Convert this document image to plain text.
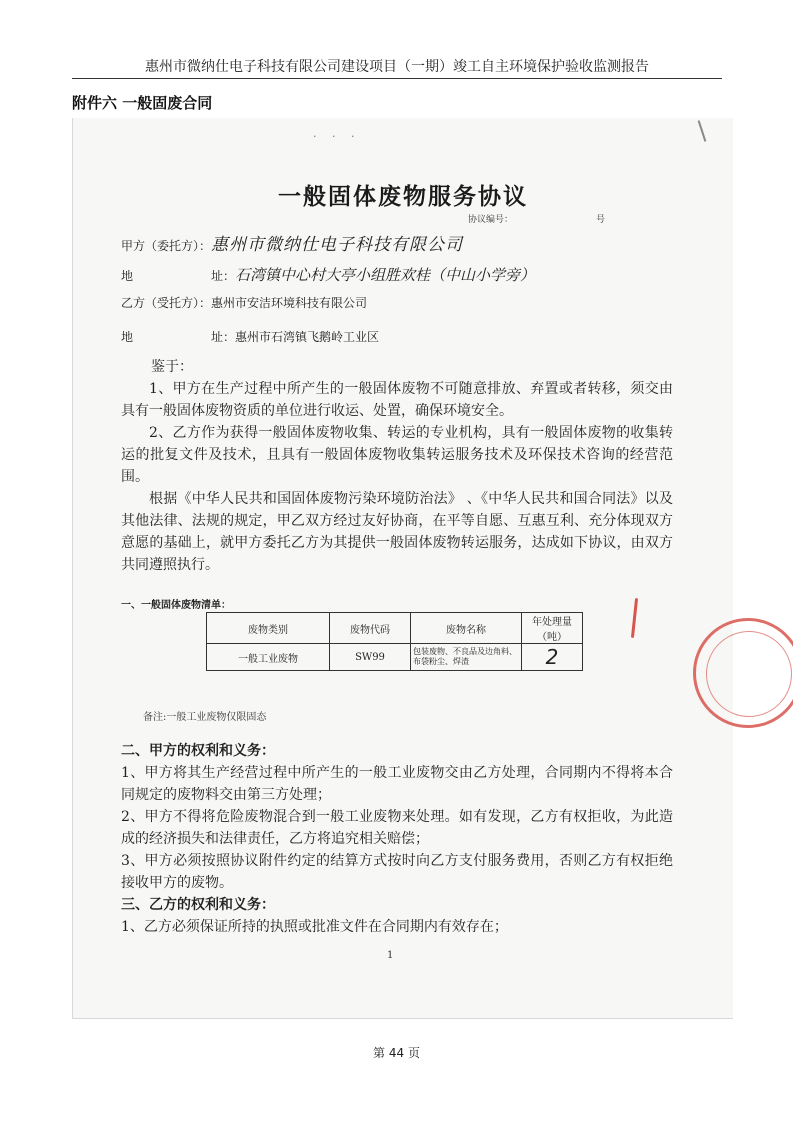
惠州市微纳仕电子科技有限公司建设项目（一期）竣工自主环境保护验收监测报告
附件六 一般固废合同
· · ·
一般固体废物服务协议
协议编号：	号
甲方（委托方）：惠州市微纳仕电子科技有限公司
地	址：石湾镇中心村大亭小组胜欢桂（中山小学旁）
乙方（受托方）：惠州市安洁环境科技有限公司
地	址：惠州市石湾镇飞鹅岭工业区
鉴于：
1、甲方在生产过程中所产生的一般固体废物不可随意排放、弃置或者转移，须交由具有一般固体废物资质的单位进行收运、处置，确保环境安全。
2、乙方作为获得一般固体废物收集、转运的专业机构，具有一般固体废物的收集转运的批复文件及技术，且具有一般固体废物收集转运服务技术及环保技术咨询的经营范围。
根据《中华人民共和国固体废物污染环境防治法》 、《中华人民共和国合同法》以及其他法律、法规的规定，甲乙双方经过友好协商，在平等自愿、互惠互利、充分体现双方意愿的基础上，就甲方委托乙方为其提供一般固体废物转运服务，达成如下协议，由双方共同遵照执行。
一、一般固体废物清单：
废物类别	废物代码	废物名称	年处理量（吨）
一般工业废物	SW99	包装废物、不良品及边角料、布袋粉尘、焊渣	2
备注:一般工业废物仅限固态
二、甲方的权利和义务：
1、甲方将其生产经营过程中所产生的一般工业废物交由乙方处理，合同期内不得将本合同规定的废物料交由第三方处理；
2、甲方不得将危险废物混合到一般工业废物来处理。如有发现，乙方有权拒收，为此造成的经济损失和法律责任，乙方将追究相关赔偿；
3、甲方必须按照协议附件约定的结算方式按时向乙方支付服务费用，否则乙方有权拒绝接收甲方的废物。
三、乙方的权利和义务：
1、乙方必须保证所持的执照或批准文件在合同期内有效存在；
1
第 44 页
